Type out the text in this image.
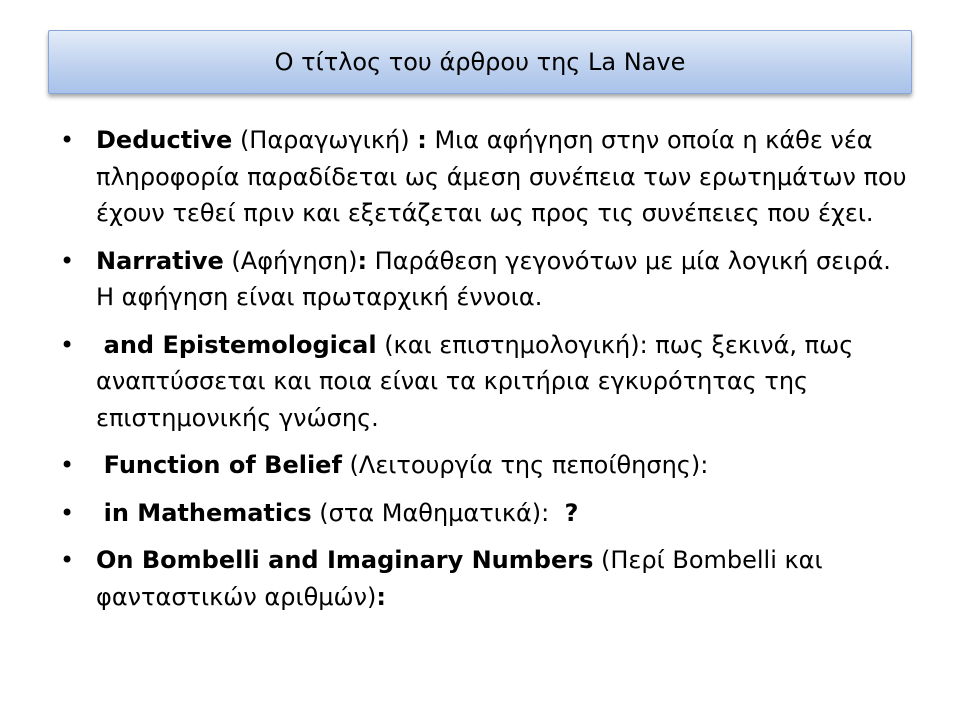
Ο τίτλος του άρθρου της La Nave
• Deductive (Παραγωγική) : Μια αφήγηση στην οποία η κάθε νέα πληροφορία παραδίδεται ως άμεση συνέπεια των ερωτημάτων που έχουν τεθεί πριν και εξετάζεται ως προς τις συνέπειες που έχει.
• Narrative (Αφήγηση): Παράθεση γεγονότων με μία λογική σειρά. Η αφήγηση είναι πρωταρχική έννοια.
•	and Epistemological (και επιστημολογική): πως ξεκινά, πως αναπτύσσεται και ποια είναι τα κριτήρια εγκυρότητας της επιστημονικής γνώσης.
•	Function of Belief (Λειτουργία της πεποίθησης):
•	in Mathematics (στα Μαθηματικά):  ?
• On Bombelli and Imaginary Numbers (Περί Bombelli και φανταστικών αριθμών):
